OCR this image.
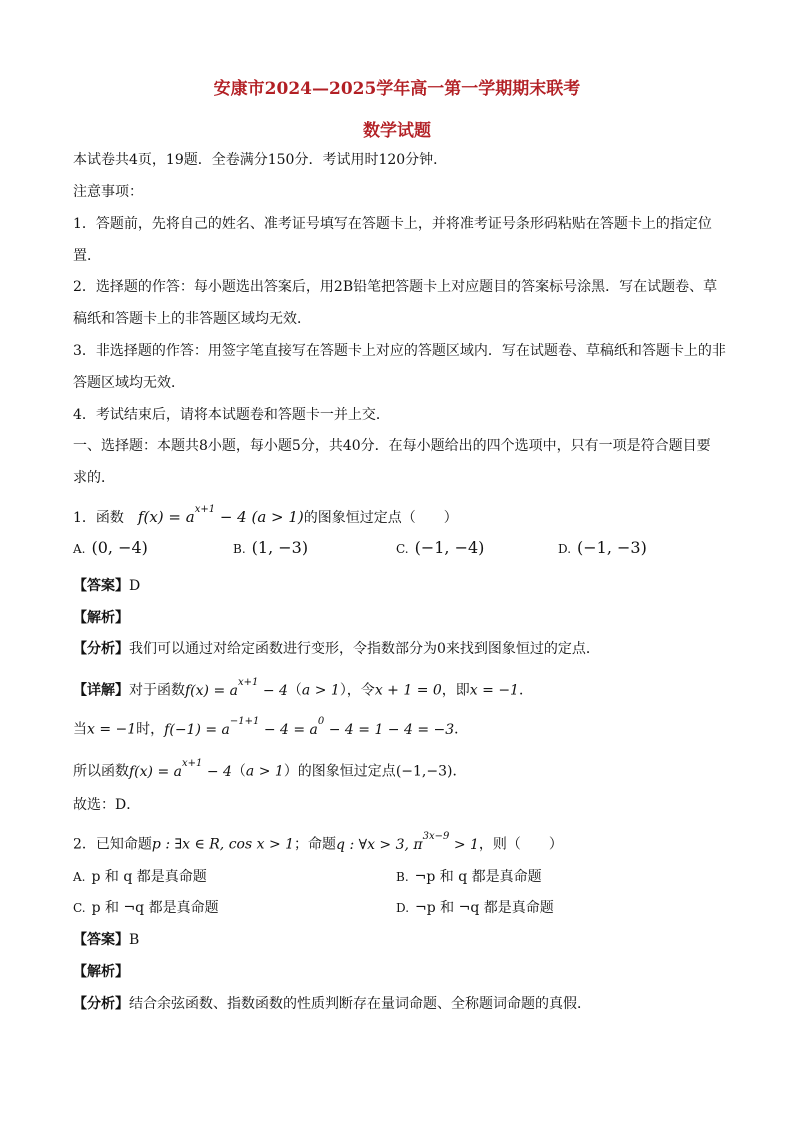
安康市2024—2025学年高一第一学期期末联考
数学试题
本试卷共4页，19题．全卷满分150分．考试用时120分钟．
注意事项：
1．答题前，先将自己的姓名、准考证号填写在答题卡上，并将准考证号条形码粘贴在答题卡上的指定位
置．
2．选择题的作答：每小题选出答案后，用2B铅笔把答题卡上对应题目的答案标号涂黑．写在试题卷、草
稿纸和答题卡上的非答题区域均无效．
3．非选择题的作答：用签字笔直接写在答题卡上对应的答题区域内．写在试题卷、草稿纸和答题卡上的非
答题区域均无效．
4．考试结束后，请将本试题卷和答题卡一并上交．
一、选择题：本题共8小题，每小题5分，共40分．在每小题给出的四个选项中，只有一项是符合题目要
求的．
1．函数 $f(x) = a^{x+1} - 4$ (a > 1)的图象恒过定点（　　）
A. (0, −4)	B. (1, −3)	C. (−1, −4)	D. (−1, −3)
【答案】D
【解析】
【分析】我们可以通过对给定函数进行变形，令指数部分为0来找到图象恒过的定点．
【详解】对于函数$f(x) = a^{x+1} - 4(a > 1)$，令x + 1 = 0，即x = −1．
当x = −1时，$f(-1) = a^{-1+1} - 4 = a^0 - 4 = 1 - 4 = -3$．
所以函数$f(x) = a^{x+1} - 4(a > 1)$的图象恒过定点(−1,−3)．
故选：D．
2．已知命题p : ∃x ∈ R, cos x > 1；命题q : ∀x > 3, $\pi^{3x-9} > 1$，则（　　）
A. p 和 q 都是真命题	B. ¬p 和 q 都是真命题
C. p 和 ¬q 都是真命题	D. ¬p 和 ¬q 都是真命题
【答案】B
【解析】
【分析】结合余弦函数、指数函数的性质判断存在量词命题、全称题词命题的真假．
